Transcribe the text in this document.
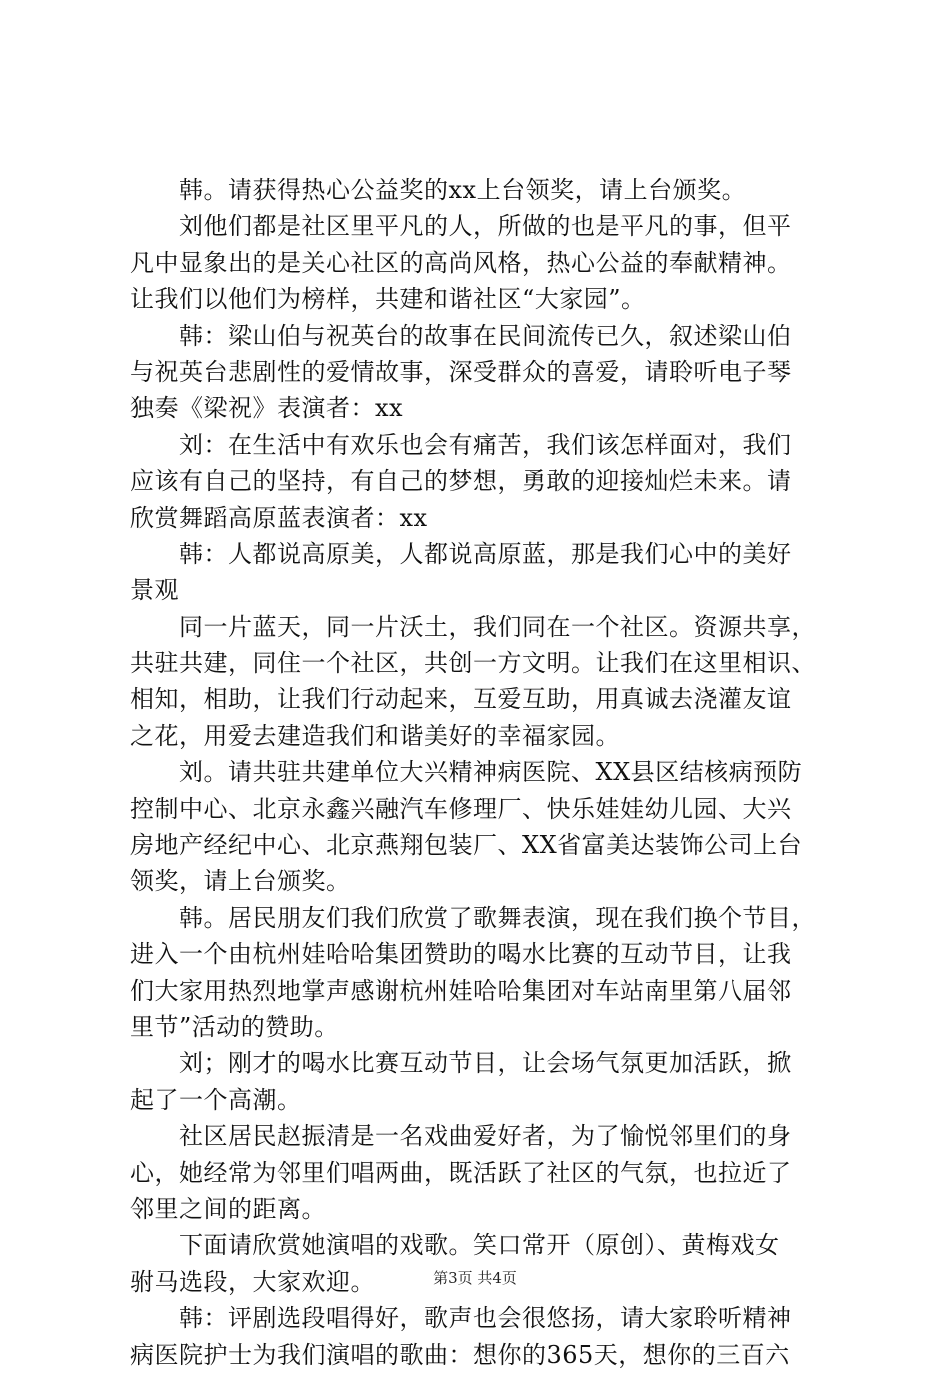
　　韩。请获得热心公益奖的xx上台领奖，请上台颁奖。
　　刘他们都是社区里平凡的人，所做的也是平凡的事，但平
凡中显象出的是关心社区的高尚风格，热心公益的奉献精神。
让我们以他们为榜样，共建和谐社区“大家园”。
　　韩：梁山伯与祝英台的故事在民间流传已久，叙述梁山伯
与祝英台悲剧性的爱情故事，深受群众的喜爱，请聆听电子琴
独奏《梁祝》表演者：xx
　　刘：在生活中有欢乐也会有痛苦，我们该怎样面对，我们
应该有自己的坚持，有自己的梦想，勇敢的迎接灿烂未来。请
欣赏舞蹈高原蓝表演者：xx
　　韩：人都说高原美，人都说高原蓝，那是我们心中的美好
景观
　　同一片蓝天，同一片沃土，我们同在一个社区。资源共享，
共驻共建，同住一个社区，共创一方文明。让我们在这里相识、
相知，相助，让我们行动起来，互爱互助，用真诚去浇灌友谊
之花，用爱去建造我们和谐美好的幸福家园。
　　刘。请共驻共建单位大兴精神病医院、XX县区结核病预防
控制中心、北京永鑫兴融汽车修理厂、快乐娃娃幼儿园、大兴
房地产经纪中心、北京燕翔包装厂、XX省富美达装饰公司上台
领奖，请上台颁奖。
　　韩。居民朋友们我们欣赏了歌舞表演，现在我们换个节目，
进入一个由杭州娃哈哈集团赞助的喝水比赛的互动节目，让我
们大家用热烈地掌声感谢杭州娃哈哈集团对车站南里第八届邻
里节”活动的赞助。
　　刘；刚才的喝水比赛互动节目，让会场气氛更加活跃，掀
起了一个高潮。
　　社区居民赵振清是一名戏曲爱好者，为了愉悦邻里们的身
心，她经常为邻里们唱两曲，既活跃了社区的气氛，也拉近了
邻里之间的距离。
　　下面请欣赏她演唱的戏歌。笑口常开（原创）、黄梅戏女
驸马选段，大家欢迎。
　　韩：评剧选段唱得好，歌声也会很悠扬，请大家聆听精神
病医院护士为我们演唱的歌曲：想你的365天，想你的三百六
第3页 共4页
